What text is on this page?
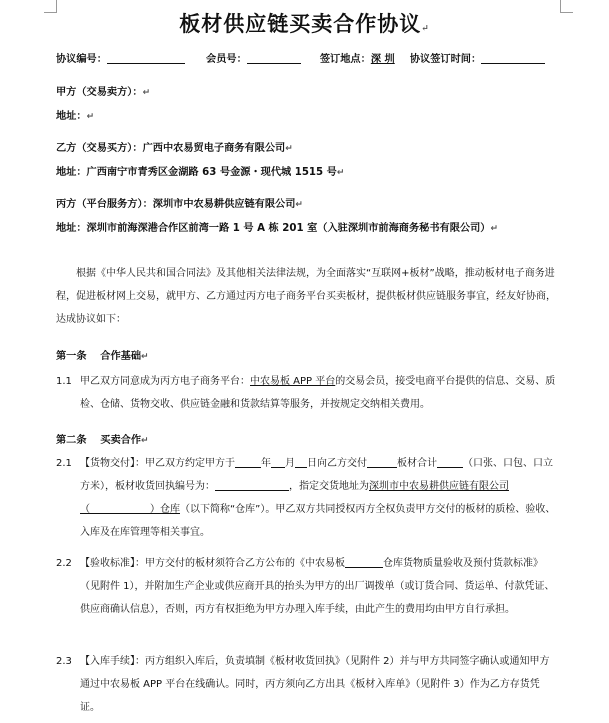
板材供应链买卖合作协议↵
协议编号：	会员号：	签订地点：深 圳 协议签订时间：
甲方（交易卖方）：↵
地址：↵
乙方（交易买方）：广西中农易贸电子商务有限公司↵
地址：广西南宁市青秀区金湖路 63 号金源・现代城 1515 号↵
丙方（平台服务方）：深圳市中农易耕供应链有限公司↵
地址：深圳市前海深港合作区前湾一路 1 号 A 栋 201 室（入驻深圳市前海商务秘书有限公司）↵
根据《中华人民共和国合同法》及其他相关法律法规，为全面落实“互联网+板材”战略，推动板材电子商务进程，促进板材网上交易，就甲方、乙方通过丙方电子商务平台买卖板材，提供板材供应链服务事宜，经友好协商，达成协议如下：
第一条　 合作基础↵
1.1 甲乙双方同意成为丙方电子商务平台：中农易板 APP 平台的交易会员，接受电商平台提供的信息、交易、质检、仓储、货物交收、供应链金融和货款结算等服务，并按规定交纳相关费用。
第二条　 买卖合作↵
2.1 【货物交付】：甲乙双方约定甲方于	年 月 日向乙方交付	板材合计	（口张、口包、口立方米），板材收货回执编号为：	，指定交货地址为深圳市中农易耕供应链有限公司（　　　　　　）仓库（以下简称“仓库”）。甲乙双方共同授权丙方全权负责甲方交付的板材的质检、验收、入库及在库管理等相关事宜。
2.2 【验收标准】：甲方交付的板材须符合乙方公布的《中农易板	仓库货物质量验收及预付货款标准》（见附件 1），并附加生产企业或供应商开具的抬头为甲方的出厂调拨单（或订货合同、货运单、付款凭证、供应商确认信息），否则，丙方有权拒绝为甲方办理入库手续，由此产生的费用均由甲方自行承担。
2.3 【入库手续】：丙方组织入库后，负责填制《板材收货回执》（见附件 2）并与甲方共同签字确认或通知甲方通过中农易板 APP 平台在线确认。同时，丙方须向乙方出具《板材入库单》（见附件 3）作为乙方存货凭证。
